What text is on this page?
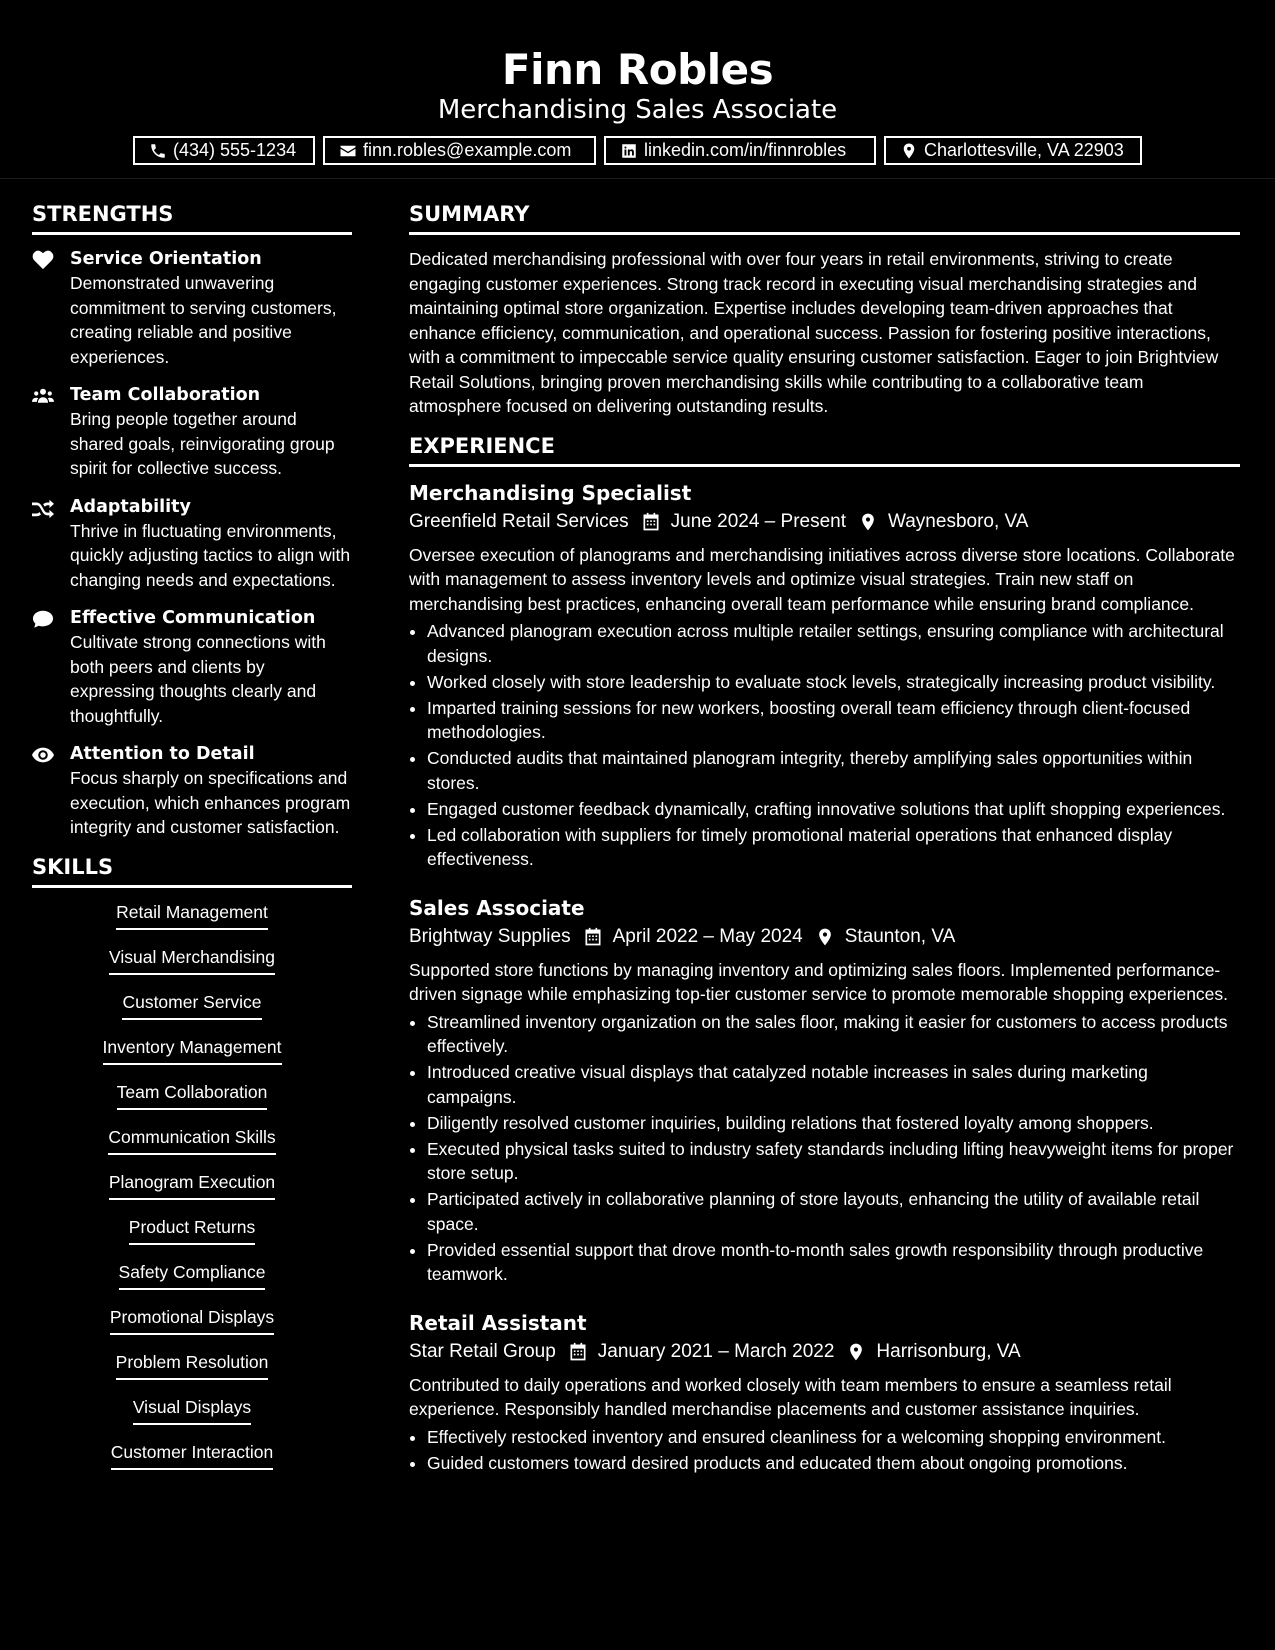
Finn Robles
Merchandising Sales Associate
(434) 555-1234	finn.robles@example.com	linkedin.com/in/finnrobles	Charlottesville, VA 22903
STRENGTHS
Service Orientation
Demonstrated unwavering commitment to serving customers, creating reliable and positive experiences.
Team Collaboration
Bring people together around shared goals, reinvigorating group spirit for collective success.
Adaptability
Thrive in fluctuating environments, quickly adjusting tactics to align with changing needs and expectations.
Effective Communication
Cultivate strong connections with both peers and clients by expressing thoughts clearly and thoughtfully.
Attention to Detail
Focus sharply on specifications and execution, which enhances program integrity and customer satisfaction.
SKILLS
Retail Management
Visual Merchandising
Customer Service
Inventory Management
Team Collaboration
Communication Skills
Planogram Execution
Product Returns
Safety Compliance
Promotional Displays
Problem Resolution
Visual Displays
Customer Interaction
SUMMARY
Dedicated merchandising professional with over four years in retail environments, striving to create engaging customer experiences. Strong track record in executing visual merchandising strategies and maintaining optimal store organization. Expertise includes developing team-driven approaches that enhance efficiency, communication, and operational success. Passion for fostering positive interactions, with a commitment to impeccable service quality ensuring customer satisfaction. Eager to join Brightview Retail Solutions, bringing proven merchandising skills while contributing to a collaborative team atmosphere focused on delivering outstanding results.
EXPERIENCE
Merchandising Specialist
Greenfield Retail Services June 2024 – Present Waynesboro, VA
Oversee execution of planograms and merchandising initiatives across diverse store locations. Collaborate with management to assess inventory levels and optimize visual strategies. Train new staff on merchandising best practices, enhancing overall team performance while ensuring brand compliance.
• Advanced planogram execution across multiple retailer settings, ensuring compliance with architectural designs.
• Worked closely with store leadership to evaluate stock levels, strategically increasing product visibility.
• Imparted training sessions for new workers, boosting overall team efficiency through client-focused methodologies.
• Conducted audits that maintained planogram integrity, thereby amplifying sales opportunities within stores.
• Engaged customer feedback dynamically, crafting innovative solutions that uplift shopping experiences.
• Led collaboration with suppliers for timely promotional material operations that enhanced display effectiveness.
Sales Associate
Brightway Supplies April 2022 – May 2024 Staunton, VA
Supported store functions by managing inventory and optimizing sales floors. Implemented performance-driven signage while emphasizing top-tier customer service to promote memorable shopping experiences.
• Streamlined inventory organization on the sales floor, making it easier for customers to access products effectively.
• Introduced creative visual displays that catalyzed notable increases in sales during marketing campaigns.
• Diligently resolved customer inquiries, building relations that fostered loyalty among shoppers.
• Executed physical tasks suited to industry safety standards including lifting heavyweight items for proper store setup.
• Participated actively in collaborative planning of store layouts, enhancing the utility of available retail space.
• Provided essential support that drove month-to-month sales growth responsibility through productive teamwork.
Retail Assistant
Star Retail Group January 2021 – March 2022 Harrisonburg, VA
Contributed to daily operations and worked closely with team members to ensure a seamless retail experience. Responsibly handled merchandise placements and customer assistance inquiries.
• Effectively restocked inventory and ensured cleanliness for a welcoming shopping environment.
• Guided customers toward desired products and educated them about ongoing promotions.
